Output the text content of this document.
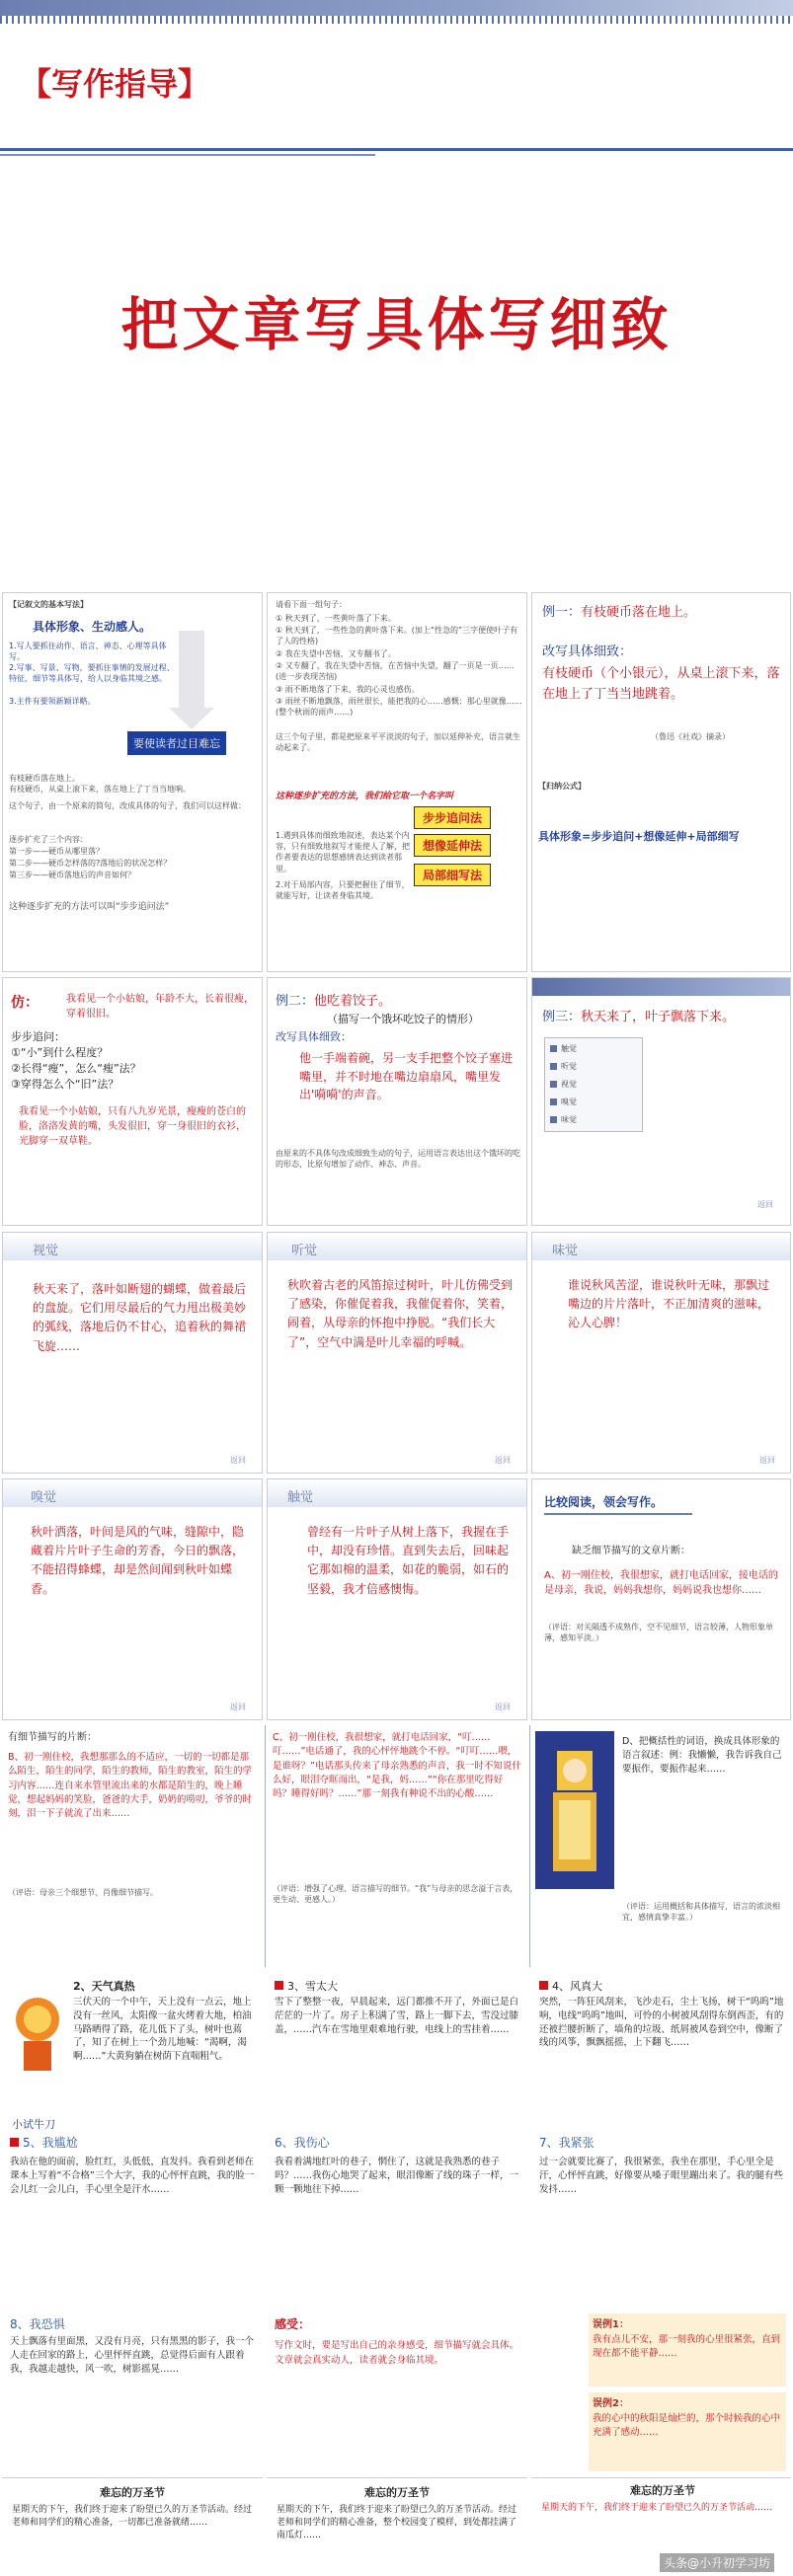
【写作指导】
把文章写具体写细致
【记叙文的基本写法】
具体形象、生动感人。
1.写人要抓住动作、语言、神态、心理等具体写。
2.写事、写景、写物，要抓住事情的发展过程、特征、细节等具体写，给人以身临其境之感。
3.主件有要领新颖详略。
要使读者过目难忘
有枝硬币落在地上。
有枝硬币，从桌上滚下来，落在地上了丁当当地响。
这个句子，由一个原来的简句，改成具体的句子，我们可以这样做：
逐步扩充了三个内容：
第一步——硬币从哪里落？
第二步——硬币怎样落的?落地后的状况怎样？
第三步——硬币落地后的声音如何？
这种逐步扩充的方法可以叫“步步追问法”
请看下面一组句子：
① 秋天到了，一些黄叶落了下来。
① 秋天到了，一些性急的黄叶落下来。(加上“性急的”三字便使叶子有了人的性格)
② 我在失望中苦恼，又专翻书了。
② 又专翻了，我在失望中苦恼，在苦恼中失望，翻了一页是一页……(进一步表现苦恼)
③ 雨不断地落了下来，我的心灵也感伤。
③ 雨丝不断地飘落，雨丝很长，能把我的心……感慨：那心里就像……(整个秋雨的雨声……)
这三个句子里，都是把原来平平淡淡的句子，加以延伸补充，语言就生动起来了。
这种逐步扩充的方法，我们给它取一个名字叫
步步追问法
1.遇到具体而细致地叙述，表达某个内容，只有细致地叙写才能使人了解，把作者要表达的思想感情表达到读者那里。
想像延伸法
2.对于局部内容，只要把握住了细节，就能写好，让读者身临其境。
局部细写法
例一：有枝硬币落在地上。
改写具体细致：
有枝硬币（个小银元），从桌上滚下来，落在地上了丁当当地跳着。
（鲁迅《社戏》摘录）
【归纳公式】
具体形象=步步追问+想像延伸+局部细写
仿：	我看见一个小姑娘，年龄不大，长着很瘦，穿着很旧。
步步追问：
①“小”到什么程度？
②长得“瘦”，怎么“瘦”法？
③穿得怎么个“旧”法？
我看见一个小姑娘，只有八九岁光景，瘦瘦的苍白的脸，洛洛发黄的嘴，头发很旧，穿一身很旧的衣衫，光脚穿一双草鞋。
例二：他吃着饺子。
（描写一个饿坏吃饺子的情形）
改写具体细致：
他一手端着碗，另一支手把整个饺子塞进嘴里，并不时地在嘴边扇扇风，嘴里发出'嗬嗬'的声音。
由原来的不具体句改成细致生动的句子，运用语言表达出这个饿坏的吃的形态，比原句增加了动作、神态、声音。
例三：秋天来了，叶子飘落下来。
触觉
听觉
视觉
嗅觉
味觉
返回
视觉
秋天来了，落叶如断翅的蝴蝶，做着最后的盘旋。它们用尽最后的气力甩出极美妙的弧线，落地后仍不甘心，追着秋的舞裙飞旋……
返回
听觉
秋吹着古老的风笛掠过树叶，叶儿仿佛受到了感染，你催促着我，我催促着你，笑着，闹着，从母亲的怀抱中挣脱。“我们长大了”，空气中满是叶儿幸福的呼喊。
返回
味觉
谁说秋风苦涩，谁说秋叶无味，那飘过嘴边的片片落叶，不正加清爽的滋味，沁人心脾！
返回
嗅觉
秋叶洒落，叶间是风的气味，缝隙中，隐藏着片片叶子生命的芳香，今日的飘落，不能招得蜂蝶，却是然间闻到秋叶如蝶香。
返回
触觉
曾经有一片叶子从树上落下，我握在手中，却没有珍惜。直到失去后，回味起它那如棉的温柔，如花的脆弱，如石的坚毅，我才倍感懊悔。
返回
比较阅读，领会写作。
缺乏细节描写的文章片断：
A、初一刚住校，我很想家，就打电话回家，接电话的是母亲，我说，妈妈我想你，妈妈说我也想你……
（评语：对关隔透不成熟作，空不见细节，语言较薄，人物形象单薄，感知平淡。）
有细节描写的片断：
B、初一刚住校，我想那那么的不适应，一切的一切都是那么陌生，陌生的同学，陌生的教师，陌生的教室，陌生的学习内容……连自来水管里流出来的水都是陌生的，晚上睡觉，想起妈妈的笑脸，爸爸的大手，奶奶的唠叨，爷爷的时刻，泪一下子就流了出来……
（评语：母亲三个细想节、肖像细节描写。
C、初一刚住校，我很想家，就打电话回家，“叮……叮……”电话通了，我的心怦怦地跳个不停。“叮叮……喂，是谁呀？”电话那头传来了母亲熟悉的声音，我一时不知说什么好，眼泪夺眶而出，“是我，妈……”“你在那里吃得好吗？睡得好吗？……”那一刻我有种说不出的心酸……
（评语：增强了心理、语言描写的细节。“我”与母亲的思念溢于言表，更生动、更感人。）
D、把概括性的词语，换成具体形象的语言叙述：例：我懒懒，我告诉我自己要振作，要振作起来……
（评语：运用概括和具体描写，语言的浓淡相宜，感情真挚丰富。）
2、天气真热
三伏天的一个中午，天上没有一点云，地上没有一丝风，太阳像一盆火烤着大地，柏油马路晒得了路，花儿低下了头，树叶也蔫了，知了在树上一个劲儿地喊：“渴啊，渴啊……”大黄狗躺在树荫下直喘粗气。
3、雪太大
雪下了整整一夜，早晨起来，远门都推不开了，外面已是白茫茫的一片了。房子上积满了雪，路上一脚下去，雪没过膝盖，……汽车在雪地里艰难地行驶，电线上的雪挂着……
4、风真大
突然，一阵狂风刮来，飞沙走石，尘土飞扬，树干“呜呜”地响，电线“呜呜”地叫，可怜的小树被风刮得东倒西歪，有的还被拦腰折断了，墙角的垃圾、纸屑被风卷到空中，像断了线的风筝，飘飘摇摇，上下翻飞……
小试牛刀
5、我尴尬
我站在他的面前，脸红红，头低低，直发抖。我看到老师在课本上写着“不合格”三个大字，我的心怦怦直跳，我的脸一会儿红一会儿白，手心里全是汗水……
6、我伤心
我看着满地红叶的巷子，惘住了，这就是我熟悉的巷子吗？……我伤心地哭了起来，眼泪像断了线的珠子一样，一颗一颗地往下掉……
7、我紧张
过一会就要比赛了，我很紧张，我坐在那里，手心里全是汗，心怦怦直跳，好像要从嗓子眼里蹦出来了。我的腿有些发抖……
8、我恐惧
天上飘落有里面黑，又没有月亮，只有黑黑的影子，我一个人走在回家的路上，心里怦怦直跳，总觉得后面有人跟着我，我越走越快，风一吹，树影摇晃……
感受：
写作文时，要是写出自己的亲身感受，细节描写就会具体。文章就会真实动人，读者就会身临其境。
误例1：
我有点儿不安，那一刻我的心里很紧张，直到现在都不能平静……
误例2：
我的心中的秋阳是灿烂的，那个时候我的心中充满了感动……
难忘的万圣节
星期天的下午，我们终于迎来了盼望已久的万圣节活动。经过老师和同学们的精心准备，一切都已准备就绪……
难忘的万圣节
星期天的下午，我们终于迎来了盼望已久的万圣节活动。经过老师和同学们的精心准备，整个校园变了模样，到处都挂满了南瓜灯……
难忘的万圣节
星期天的下午，我们终于迎来了盼望已久的万圣节活动……
头条@小升初学习坊
